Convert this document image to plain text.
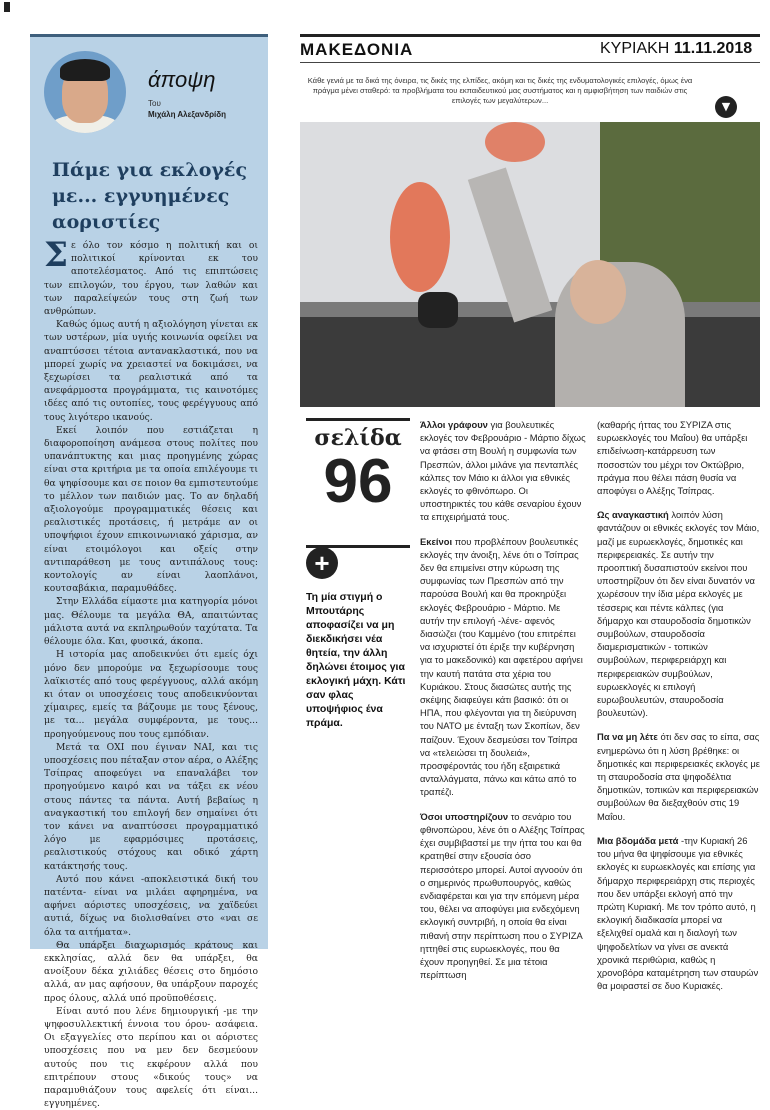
άποψη
Του
Μιχάλη Αλεξανδρίδη
Πάμε για εκλογές με... εγγυημένες αοριστίες

Σε όλο τον κόσμο η πολιτική και οι πολιτικοί κρίνονται εκ του αποτελέσματος. Από τις επιπτώσεις των επιλογών, του έργου, των λαθών και των παραλείψεών τους στη ζωή των ανθρώπων.

Καθώς όμως αυτή η αξιολόγηση γίνεται εκ των υστέρων, μία υγιής κοινωνία οφείλει να αναπτύσσει τέτοια αντανακλαστικά, που να μπορεί χωρίς να χρειαστεί να δοκιμάσει, να ξεχωρίσει τα ρεαλιστικά από τα ανεφάρμοστα προγράμματα, τις καινοτόμες ιδέες από τις ουτοπίες, τους φερέγγυους από τους λιγότερο ικανούς.

Εκεί λοιπόν που εστιάζεται η διαφοροποίηση ανάμεσα στους πολίτες που υπανάπτυκτης και μιας προηγμένης χώρας είναι στα κριτήρια με τα οποία επιλέγουμε τι θα ψηφίσουμε και σε ποιον θα εμπιστευτούμε το μέλλον των παιδιών μας. Το αν δηλαδή αξιολογούμε προγραμματικές θέσεις και ρεαλιστικές προτάσεις, ή μετράμε αν οι υποψήφιοι έχουν επικοινωνιακό χάρισμα, αν είναι ετοιμόλογοι και οξείς στην αντιπαράθεση με τους αντιπάλους τους: κοντολογίς αν είναι λαοπλάνοι, κουτσαβάκια, παραμυθάδες.

Στην Ελλάδα είμαστε μια κατηγορία μόνοι μας. Θέλουμε τα μεγάλα ΘΑ, απαιτώντας μάλιστα αυτά να εκπληρωθούν ταχύτατα. Τα θέλουμε όλα. Και, φυσικά, άκοπα.

Η ιστορία μας αποδεικνύει ότι εμείς όχι μόνο δεν μπορούμε να ξεχωρίσουμε τους λαϊκιστές από τους φερέγγυους, αλλά ακόμη κι όταν οι υποσχέσεις τους αποδεικνύονται χίμαιρες, εμείς τα βάζουμε με τους ξένους, με τα... μεγάλα συμφέροντα, με τους... προηγούμενους που τους εμπόδιαν.

Μετά τα ΟΧΙ που έγιναν ΝΑΙ, και τις υποσχέσεις που πέταξαν στον αέρα, ο Αλέξης Τσίπρας αποφεύγει να επαναλάβει τον προηγούμενο καιρό και να τάξει εκ νέου στους πάντες τα πάντα. Αυτή βεβαίως η αναγκαστική του επιλογή δεν σημαίνει ότι τον κάνει να αναπτύσσει προγραμματικό λόγο με εφαρμόσιμες προτάσεις, ρεαλιστικούς στόχους και οδικό χάρτη κατάκτησής τους.

Αυτό που κάνει -αποκλειστικά δική του πατέντα- είναι να μιλάει αφηρημένα, να αφήνει αόριστες υποσχέσεις, να χαϊδεύει αυτιά, δίχως να διολισθαίνει στο «ναι σε όλα τα αιτήματα».

Θα υπάρξει διαχωρισμός κράτους και εκκλησίας, αλλά δεν θα υπάρξει, θα ανοίξουν δέκα χιλιάδες θέσεις στο δημόσιο αλλά, αν μας αφήσουν, θα υπάρξουν παροχές προς όλους, αλλά υπό προϋποθέσεις.

Είναι αυτό που λένε δημιουργική -με την ψηφοσυλλεκτική έννοια του όρου- ασάφεια. Οι εξαγγελίες στο περίπου και οι αόριστες υποσχέσεις που να μεν δεν δεσμεύουν αυτούς που τις εκφέρουν αλλά που επιτρέπουν στους «δικούς τους» να παραμυθιάζουν τους αφελείς ότι είναι... εγγυημένες.

ΜΑΚΕΔΟΝΙΑ	ΚΥΡΙΑΚΗ 11.11.2018
Κάθε γενιά με τα δικά της όνειρα, τις δικές της ελπίδες, ακόμη και τις δικές της ενδυματολογικές επιλογές, όμως ένα πράγμα μένει σταθερό: τα προβλήματα του εκπαιδευτικού μας συστήματος και η αμφισβήτηση των παιδιών στις επιλογές των μεγαλύτερων...	▼
σελίδα
96
+
Τη μία στιγμή ο Μπουτάρης αποφασίζει να μη διεκδικήσει νέα θητεία, την άλλη δηλώνει έτοιμος για εκλογική μάχη. Κάτι σαν φλας υποψήφιος ένα πράμα.

Άλλοι γράφουν για βουλευτικές εκλογές τον Φεβρουάριο - Μάρτιο δίχως να φτάσει στη Βουλή η συμφωνία των Πρεσπών, άλλοι μιλάνε για πενταπλές κάλπες τον Μάιο κι άλλοι για εθνικές εκλογές το φθινόπωρο. Οι υποστηρικτές του κάθε σεναρίου έχουν τα επιχειρήματά τους.

Εκείνοι που προβλέπουν βουλευτικές εκλογές την άνοιξη, λένε ότι ο Τσίπρας δεν θα επιμείνει στην κύρωση της συμφωνίας των Πρεσπών από την παρούσα Βουλή και θα προκηρύξει εκλογές Φεβρουάριο - Μάρτιο. Με αυτήν την επιλογή -λένε- αφενός διασώζει (του Καμμένο (του επιτρέπει να ισχυριστεί ότι έριξε την κυβέρνηση για το μακεδονικό) και αφετέρου αφήνει την καυτή πατάτα στα χέρια του Κυριάκου. Στους διασώτες αυτής της σκέψης διαφεύγει κάτι βασικό: ότι οι ΗΠΑ, που φλέγονται για τη διεύρυνση του ΝΑΤΟ με ένταξη των Σκοπίων, δεν παίζουν. Έχουν δεσμεύσει τον Τσίπρα να «τελειώσει τη δουλειά», προσφέροντάς του ήδη εξαιρετικά ανταλλάγματα, πάνω και κάτω από το τραπέζι.

Όσοι υποστηρίζουν το σενάριο του φθινοπώρου, λένε ότι ο Αλέξης Τσίπρας έχει συμβιβαστεί με την ήττα του και θα κρατηθεί στην εξουσία όσο περισσότερο μπορεί. Αυτοί αγνοούν ότι ο σημερινός πρωθυπουργός, καθώς ενδιαφέρεται και για την επόμενη μέρα του, θέλει να αποφύγει μια ενδεχόμενη εκλογική συντριβή, η οποία θα είναι πιθανή στην περίπτωση που ο ΣΥΡΙΖΑ ηττηθεί στις ευρωεκλογές, που θα έχουν προηγηθεί. Σε μια τέτοια περίπτωση

(καθαρής ήττας του ΣΥΡΙΖΑ στις ευρωεκλογές του Μαΐου) θα υπάρξει επιδείνωση-κατάρρευση των ποσοστών του μέχρι τον Οκτώβριο, πράγμα που θέλει πάση θυσία να αποφύγει ο Αλέξης Τσίπρας.

Ως αναγκαστική λοιπόν λύση φαντάζουν οι εθνικές εκλογές τον Μάιο, μαζί με ευρωεκλογές, δημοτικές και περιφερειακές. Σε αυτήν την προοπτική δυσαπιστούν εκείνοι που υποστηρίζουν ότι δεν είναι δυνατόν να χωρέσουν την ίδια μέρα εκλογές με τέσσερις και πέντε κάλπες (για δήμαρχο και σταυροδοσία δημοτικών συμβούλων, σταυροδοσία διαμερισματικών - τοπικών συμβούλων, περιφερειάρχη και περιφερειακών συμβούλων, ευρωεκλογές κι επιλογή ευρωβουλευτών, σταυροδοσία βουλευτών).

Πα να μη λέτε ότι δεν σας το είπα, σας ενημερώνω ότι η λύση βρέθηκε: οι δημοτικές και περιφερειακές εκλογές με τη σταυροδοσία στα ψηφοδέλτια δημοτικών, τοπικών και περιφερειακών συμβούλων θα διεξαχθούν στις 19 Μαΐου.

Μια βδομάδα μετά -την Κυριακή 26 του μήνα θα ψηφίσουμε για εθνικές εκλογές κι ευρωεκλογές και επίσης για δήμαρχο περιφερειάρχη στις περιοχές που δεν υπάρξει εκλογή από την πρώτη Κυριακή. Με τον τρόπο αυτό, η εκλογική διαδικασία μπορεί να εξελιχθεί ομαλά και η διαλογή των ψηφοδελτίων να γίνει σε ανεκτά χρονικά περιθώρια, καθώς η χρονοβόρα καταμέτρηση των σταυρών θα μοιραστεί σε δυο Κυριακές.
